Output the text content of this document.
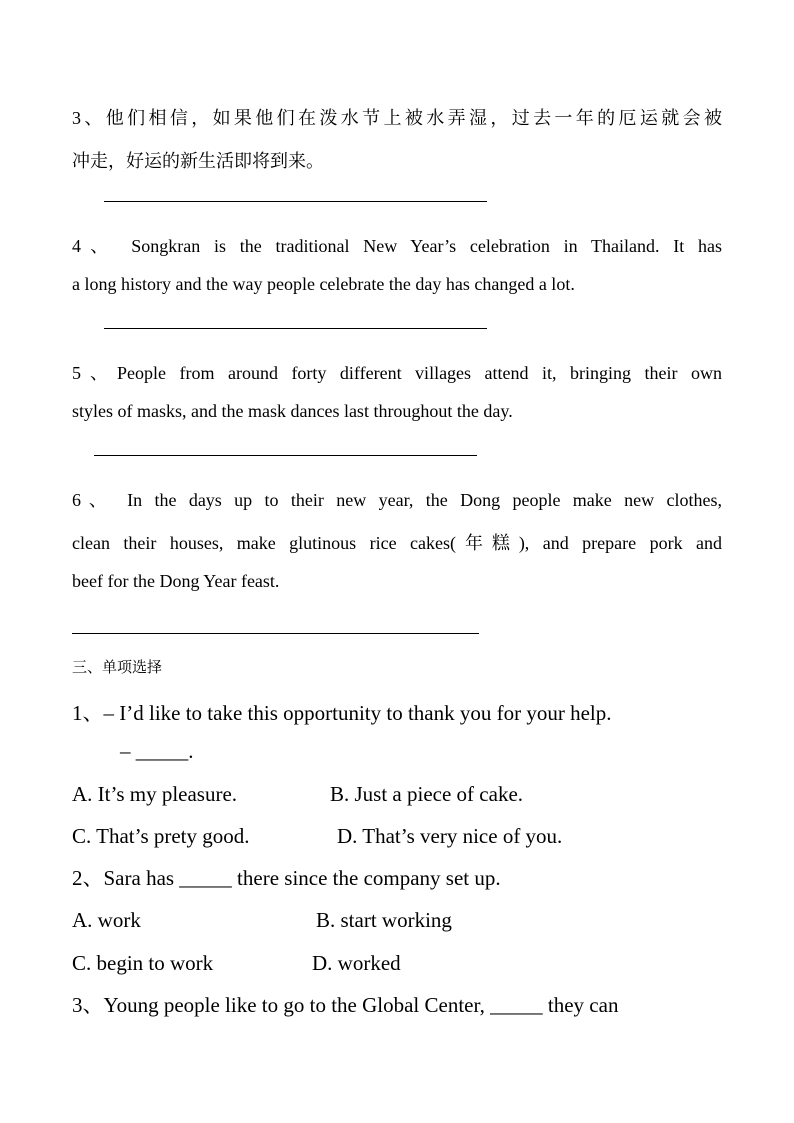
3、他们相信，如果他们在泼水节上被水弄湿，过去一年的厄运就会被
冲走，好运的新生活即将到来。
4、 Songkran is the traditional New Year’s celebration in Thailand. It has
a long history and the way people celebrate the day has changed a lot.
5、People from around forty different villages attend it, bringing their own
styles of masks, and the mask dances last throughout the day.
6、 In the days up to their new year, the Dong people make new clothes,
clean their houses, make glutinous rice cakes(年糕), and prepare pork and
beef for the Dong Year feast.
三、单项选择
1、– I’d like to take this opportunity to thank you for your help.
– _____.
A. It’s my pleasure.	B. Just a piece of cake.
C. That’s prety good.	D. That’s very nice of you.
2、Sara has _____ there since the company set up.
A. work	B. start working
C. begin to work	D. worked
3、Young people like to go to the Global Center, _____ they can
